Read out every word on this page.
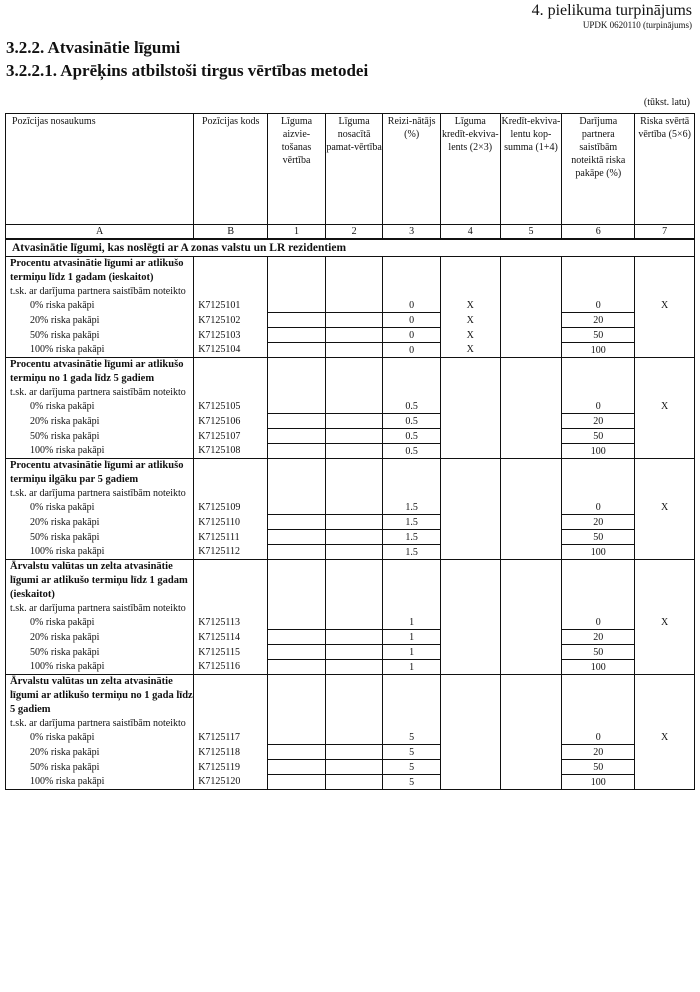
4. pielikuma turpinājums
UPDK 0620110 (turpinājums)
3.2.2. Atvasinātie līgumi
3.2.2.1. Aprēķins atbilstoši tirgus vērtības metodei
(tūkst. latu)
Pozīcijas nosaukums	Pozīcijas kods	Līguma aizvie-tošanas vērtība	Līguma nosacītā pamat-vērtība	Reizi-nātājs (%)	Līguma kredīt-ekviva-lents (2×3)	Kredīt-ekviva-lentu kop-summa (1+4)	Darījuma partnera saistībām noteiktā riska pakāpe (%)	Riska svērtā vērtība (5×6)
A	B	1	2	3	4	5	6	7
Atvasinātie līgumi, kas noslēgti ar A zonas valstu un LR rezidentiem								
Procentu atvasinātie līgumi ar atlikušo termiņu līdz 1 gadam (ieskaitot)								
t.sk. ar darījuma partnera saistībām noteikto								
0% riska pakāpi	K7125101			0	X		0	X
20% riska pakāpi	K7125102			0	X		20	
50% riska pakāpi	K7125103			0	X		50	
100% riska pakāpi	K7125104			0	X		100	
Procentu atvasinātie līgumi ar atlikušo termiņu no 1 gada līdz 5 gadiem								
t.sk. ar darījuma partnera saistībām noteikto								
0% riska pakāpi	K7125105			0.5			0	X
20% riska pakāpi	K7125106			0.5			20	
50% riska pakāpi	K7125107			0.5			50	
100% riska pakāpi	K7125108			0.5			100	
Procentu atvasinātie līgumi ar atlikušo termiņu ilgāku par 5 gadiem								
t.sk. ar darījuma partnera saistībām noteikto								
0% riska pakāpi	K7125109			1.5			0	X
20% riska pakāpi	K7125110			1.5			20	
50% riska pakāpi	K7125111			1.5			50	
100% riska pakāpi	K7125112			1.5			100	
Ārvalstu valūtas un zelta atvasinātie līgumi ar atlikušo termiņu līdz 1 gadam (ieskaitot)								
t.sk. ar darījuma partnera saistībām noteikto								
0% riska pakāpi	K7125113			1			0	X
20% riska pakāpi	K7125114			1			20	
50% riska pakāpi	K7125115			1			50	
100% riska pakāpi	K7125116			1			100	
Ārvalstu valūtas un zelta atvasinātie līgumi ar atlikušo termiņu no 1 gada līdz 5 gadiem								
t.sk. ar darījuma partnera saistībām noteikto								
0% riska pakāpi	K7125117			5			0	X
20% riska pakāpi	K7125118			5			20	
50% riska pakāpi	K7125119			5			50	
100% riska pakāpi	K7125120			5			100	
